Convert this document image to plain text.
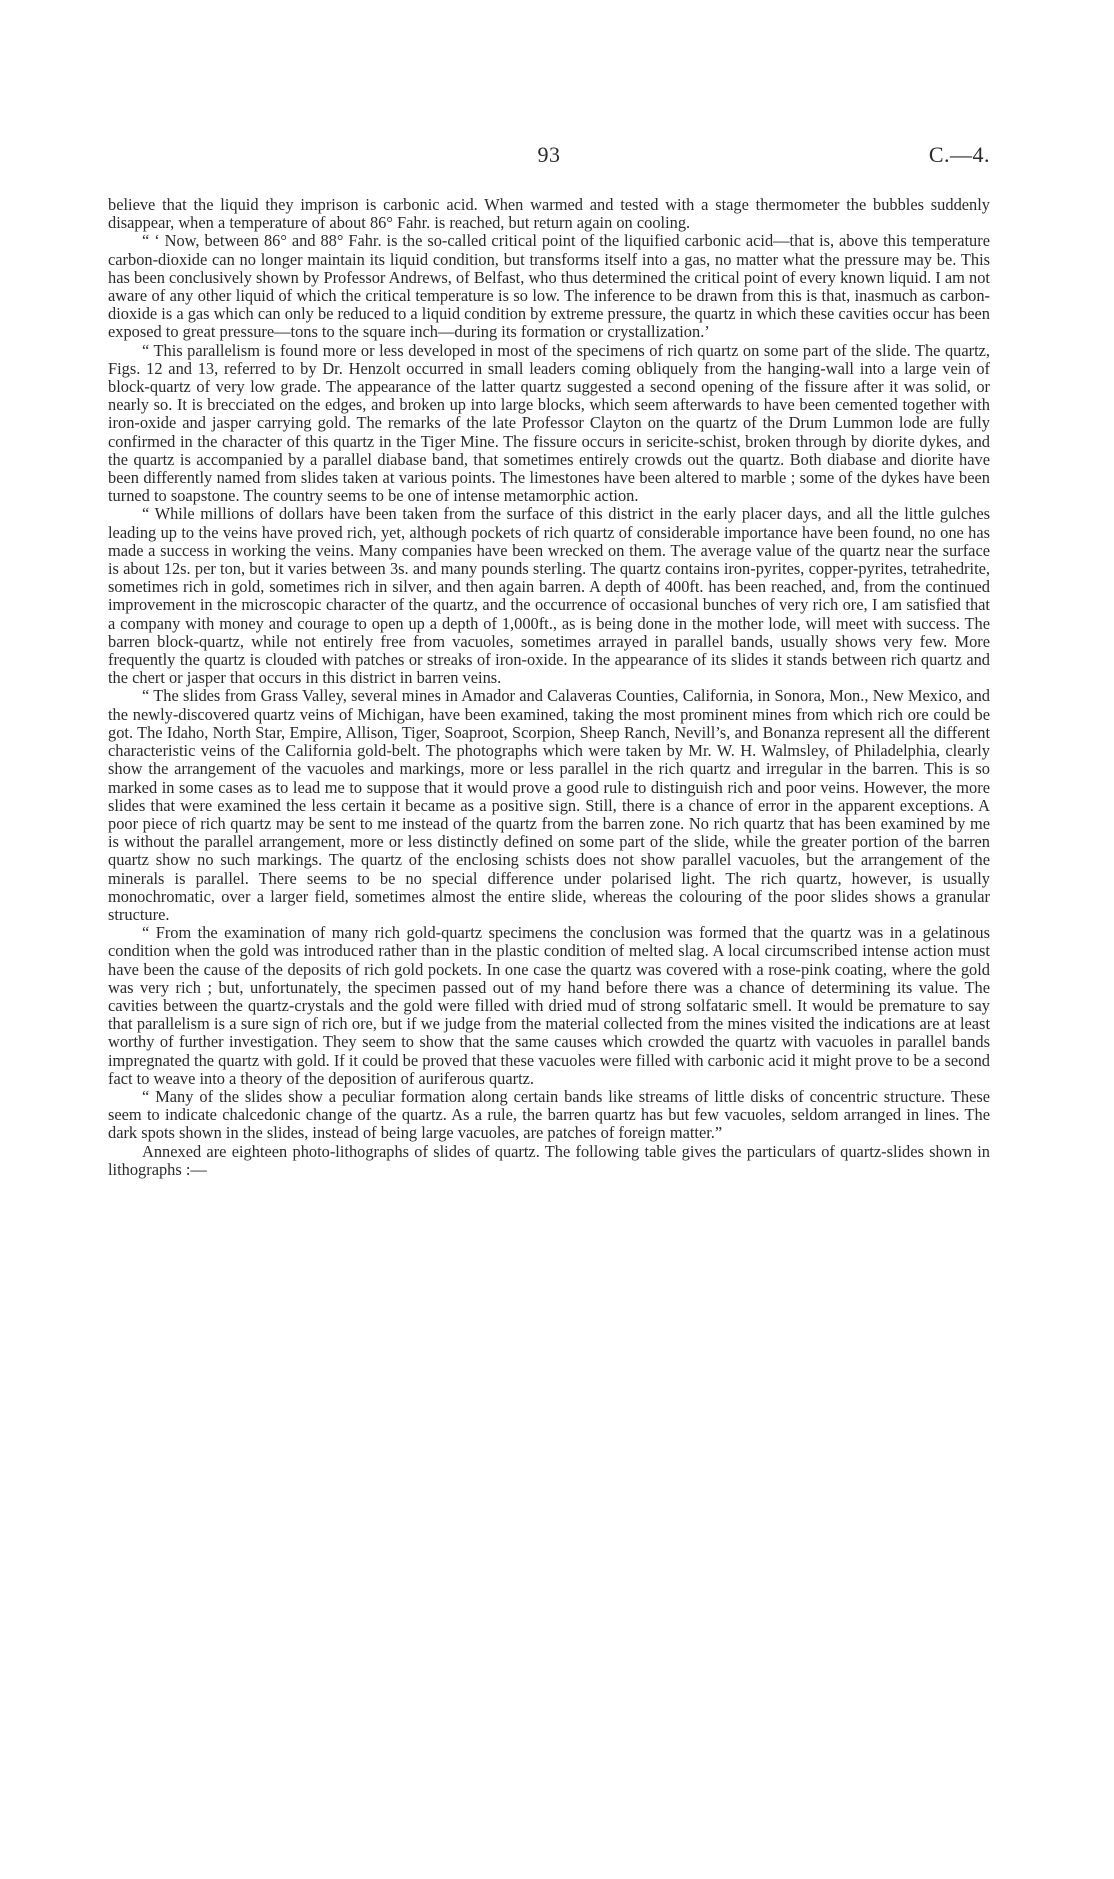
93	C.—4.

believe that the liquid they imprison is carbonic acid. When warmed and tested with a stage thermometer the bubbles suddenly disappear, when a temperature of about 86° Fahr. is reached, but return again on cooling.

“ ‘ Now, between 86° and 88° Fahr. is the so-called critical point of the liquified carbonic acid—that is, above this temperature carbon-dioxide can no longer maintain its liquid condition, but transforms itself into a gas, no matter what the pressure may be. This has been conclusively shown by Professor Andrews, of Belfast, who thus determined the critical point of every known liquid. I am not aware of any other liquid of which the critical temperature is so low. The inference to be drawn from this is that, inasmuch as carbon-dioxide is a gas which can only be reduced to a liquid condition by extreme pressure, the quartz in which these cavities occur has been exposed to great pressure—tons to the square inch—during its formation or crystallization.’

“ This parallelism is found more or less developed in most of the specimens of rich quartz on some part of the slide. The quartz, Figs. 12 and 13, referred to by Dr. Henzolt occurred in small leaders coming obliquely from the hanging-wall into a large vein of block-quartz of very low grade. The appearance of the latter quartz suggested a second opening of the fissure after it was solid, or nearly so. It is brecciated on the edges, and broken up into large blocks, which seem afterwards to have been cemented together with iron-oxide and jasper carrying gold. The remarks of the late Professor Clayton on the quartz of the Drum Lummon lode are fully confirmed in the character of this quartz in the Tiger Mine. The fissure occurs in sericite-schist, broken through by diorite dykes, and the quartz is accompanied by a parallel diabase band, that sometimes entirely crowds out the quartz. Both diabase and diorite have been differently named from slides taken at various points. The limestones have been altered to marble ; some of the dykes have been turned to soapstone. The country seems to be one of intense metamorphic action.

“ While millions of dollars have been taken from the surface of this district in the early placer days, and all the little gulches leading up to the veins have proved rich, yet, although pockets of rich quartz of considerable importance have been found, no one has made a success in working the veins. Many companies have been wrecked on them. The average value of the quartz near the surface is about 12s. per ton, but it varies between 3s. and many pounds sterling. The quartz contains iron-pyrites, copper-pyrites, tetrahedrite, sometimes rich in gold, sometimes rich in silver, and then again barren. A depth of 400ft. has been reached, and, from the continued improvement in the microscopic character of the quartz, and the occurrence of occasional bunches of very rich ore, I am satisfied that a company with money and courage to open up a depth of 1,000ft., as is being done in the mother lode, will meet with success. The barren block-quartz, while not entirely free from vacuoles, sometimes arrayed in parallel bands, usually shows very few. More frequently the quartz is clouded with patches or streaks of iron-oxide. In the appearance of its slides it stands between rich quartz and the chert or jasper that occurs in this district in barren veins.

“ The slides from Grass Valley, several mines in Amador and Calaveras Counties, California, in Sonora, Mon., New Mexico, and the newly-discovered quartz veins of Michigan, have been examined, taking the most prominent mines from which rich ore could be got. The Idaho, North Star, Empire, Allison, Tiger, Soaproot, Scorpion, Sheep Ranch, Nevill’s, and Bonanza represent all the different characteristic veins of the California gold-belt. The photographs which were taken by Mr. W. H. Walmsley, of Philadelphia, clearly show the arrangement of the vacuoles and markings, more or less parallel in the rich quartz and irregular in the barren. This is so marked in some cases as to lead me to suppose that it would prove a good rule to distinguish rich and poor veins. However, the more slides that were examined the less certain it became as a positive sign. Still, there is a chance of error in the apparent exceptions. A poor piece of rich quartz may be sent to me instead of the quartz from the barren zone. No rich quartz that has been examined by me is without the parallel arrangement, more or less distinctly defined on some part of the slide, while the greater portion of the barren quartz show no such markings. The quartz of the enclosing schists does not show parallel vacuoles, but the arrangement of the minerals is parallel. There seems to be no special difference under polarised light. The rich quartz, however, is usually monochromatic, over a larger field, sometimes almost the entire slide, whereas the colouring of the poor slides shows a granular structure.

“ From the examination of many rich gold-quartz specimens the conclusion was formed that the quartz was in a gelatinous condition when the gold was introduced rather than in the plastic condition of melted slag. A local circumscribed intense action must have been the cause of the deposits of rich gold pockets. In one case the quartz was covered with a rose-pink coating, where the gold was very rich ; but, unfortunately, the specimen passed out of my hand before there was a chance of determining its value. The cavities between the quartz-crystals and the gold were filled with dried mud of strong solfataric smell. It would be premature to say that parallelism is a sure sign of rich ore, but if we judge from the material collected from the mines visited the indications are at least worthy of further investigation. They seem to show that the same causes which crowded the quartz with vacuoles in parallel bands impregnated the quartz with gold. If it could be proved that these vacuoles were filled with carbonic acid it might prove to be a second fact to weave into a theory of the deposition of auriferous quartz.

“ Many of the slides show a peculiar formation along certain bands like streams of little disks of concentric structure. These seem to indicate chalcedonic change of the quartz. As a rule, the barren quartz has but few vacuoles, seldom arranged in lines. The dark spots shown in the slides, instead of being large vacuoles, are patches of foreign matter.”

Annexed are eighteen photo-lithographs of slides of quartz. The following table gives the particulars of quartz-slides shown in lithographs :—
